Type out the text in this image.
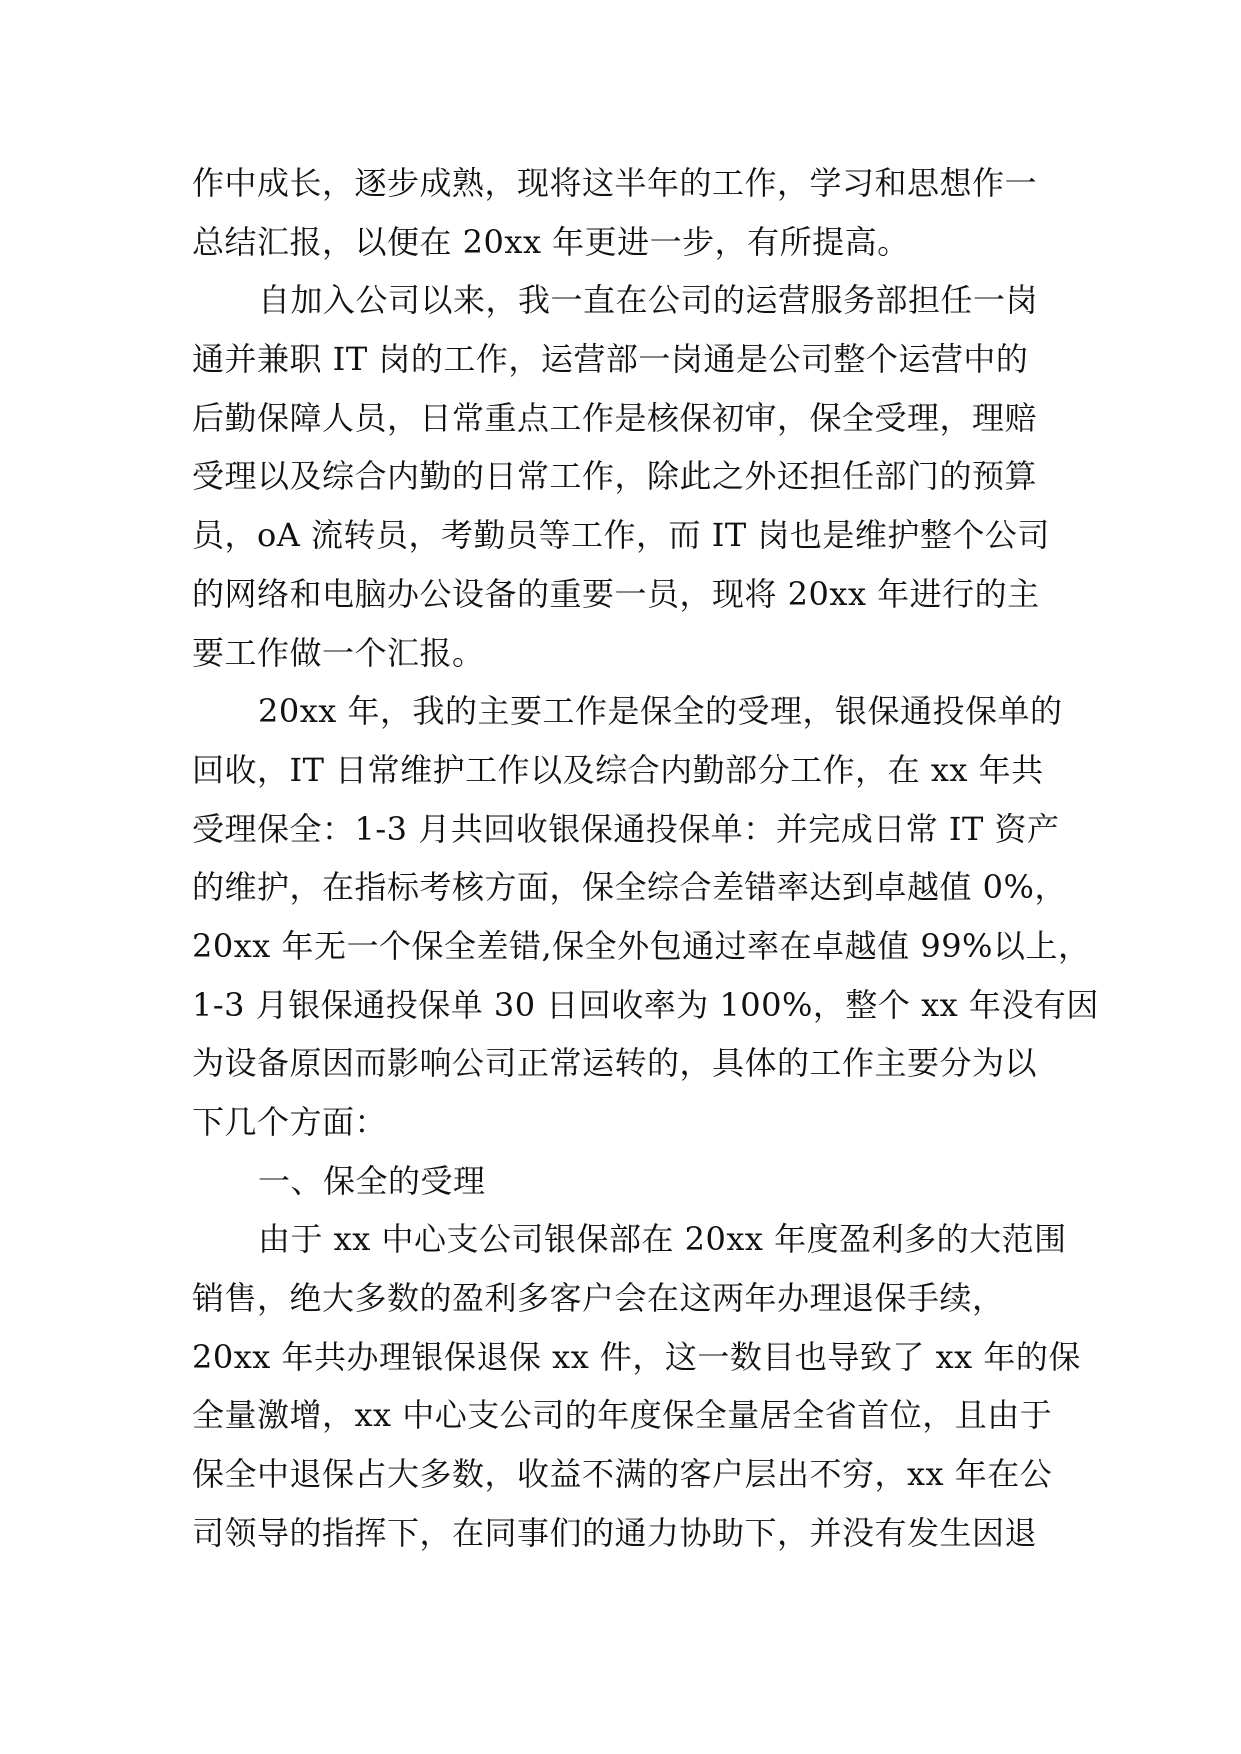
作中成长，逐步成熟，现将这半年的工作，学习和思想作一
总结汇报，以便在 20xx 年更进一步，有所提高。
自加入公司以来，我一直在公司的运营服务部担任一岗
通并兼职 IT 岗的工作，运营部一岗通是公司整个运营中的
后勤保障人员，日常重点工作是核保初审，保全受理，理赔
受理以及综合内勤的日常工作，除此之外还担任部门的预算
员，oA 流转员，考勤员等工作，而 IT 岗也是维护整个公司
的网络和电脑办公设备的重要一员，现将 20xx 年进行的主
要工作做一个汇报。
20xx 年，我的主要工作是保全的受理，银保通投保单的
回收，IT 日常维护工作以及综合内勤部分工作，在 xx 年共
受理保全：1-3 月共回收银保通投保单：并完成日常 IT 资产
的维护，在指标考核方面，保全综合差错率达到卓越值 0%，
20xx 年无一个保全差错,保全外包通过率在卓越值 99%以上，
1-3 月银保通投保单 30 日回收率为 100%，整个 xx 年没有因
为设备原因而影响公司正常运转的，具体的工作主要分为以
下几个方面：
一、保全的受理
由于 xx 中心支公司银保部在 20xx 年度盈利多的大范围
销售，绝大多数的盈利多客户会在这两年办理退保手续，
20xx 年共办理银保退保 xx 件，这一数目也导致了 xx 年的保
全量激增，xx 中心支公司的年度保全量居全省首位，且由于
保全中退保占大多数，收益不满的客户层出不穷，xx 年在公
司领导的指挥下，在同事们的通力协助下，并没有发生因退
